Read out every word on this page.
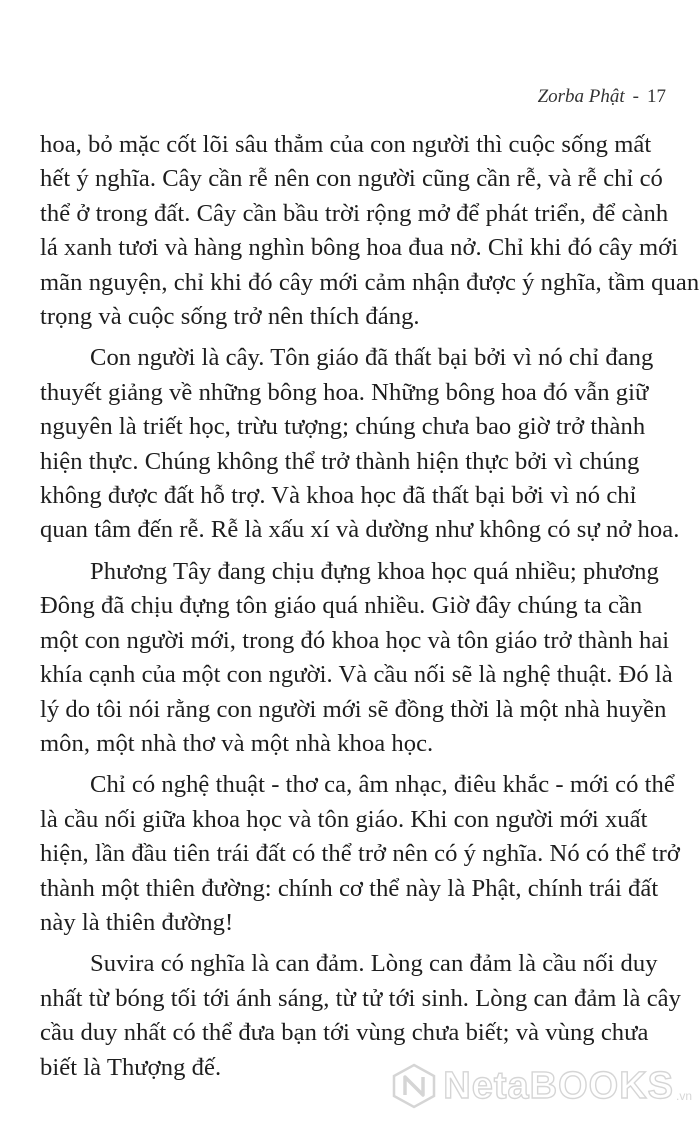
Zorba Phật - 17

hoa, bỏ mặc cốt lõi sâu thẳm của con người thì cuộc sống mất
hết ý nghĩa. Cây cần rễ nên con người cũng cần rễ, và rễ chỉ có
thể ở trong đất. Cây cần bầu trời rộng mở để phát triển, để cành
lá xanh tươi và hàng nghìn bông hoa đua nở. Chỉ khi đó cây mới
mãn nguyện, chỉ khi đó cây mới cảm nhận được ý nghĩa, tầm quan
trọng và cuộc sống trở nên thích đáng.

Con người là cây. Tôn giáo đã thất bại bởi vì nó chỉ đang
thuyết giảng về những bông hoa. Những bông hoa đó vẫn giữ
nguyên là triết học, trừu tượng; chúng chưa bao giờ trở thành
hiện thực. Chúng không thể trở thành hiện thực bởi vì chúng
không được đất hỗ trợ. Và khoa học đã thất bại bởi vì nó chỉ
quan tâm đến rễ. Rễ là xấu xí và dường như không có sự nở hoa.

Phương Tây đang chịu đựng khoa học quá nhiều; phương
Đông đã chịu đựng tôn giáo quá nhiều. Giờ đây chúng ta cần
một con người mới, trong đó khoa học và tôn giáo trở thành hai
khía cạnh của một con người. Và cầu nối sẽ là nghệ thuật. Đó là
lý do tôi nói rằng con người mới sẽ đồng thời là một nhà huyền
môn, một nhà thơ và một nhà khoa học.

Chỉ có nghệ thuật - thơ ca, âm nhạc, điêu khắc - mới có thể
là cầu nối giữa khoa học và tôn giáo. Khi con người mới xuất
hiện, lần đầu tiên trái đất có thể trở nên có ý nghĩa. Nó có thể trở
thành một thiên đường: chính cơ thể này là Phật, chính trái đất
này là thiên đường!

Suvira có nghĩa là can đảm. Lòng can đảm là cầu nối duy
nhất từ bóng tối tới ánh sáng, từ tử tới sinh. Lòng can đảm là cây
cầu duy nhất có thể đưa bạn tới vùng chưa biết; và vùng chưa
biết là Thượng đế.	NetaBOOKS .vn
